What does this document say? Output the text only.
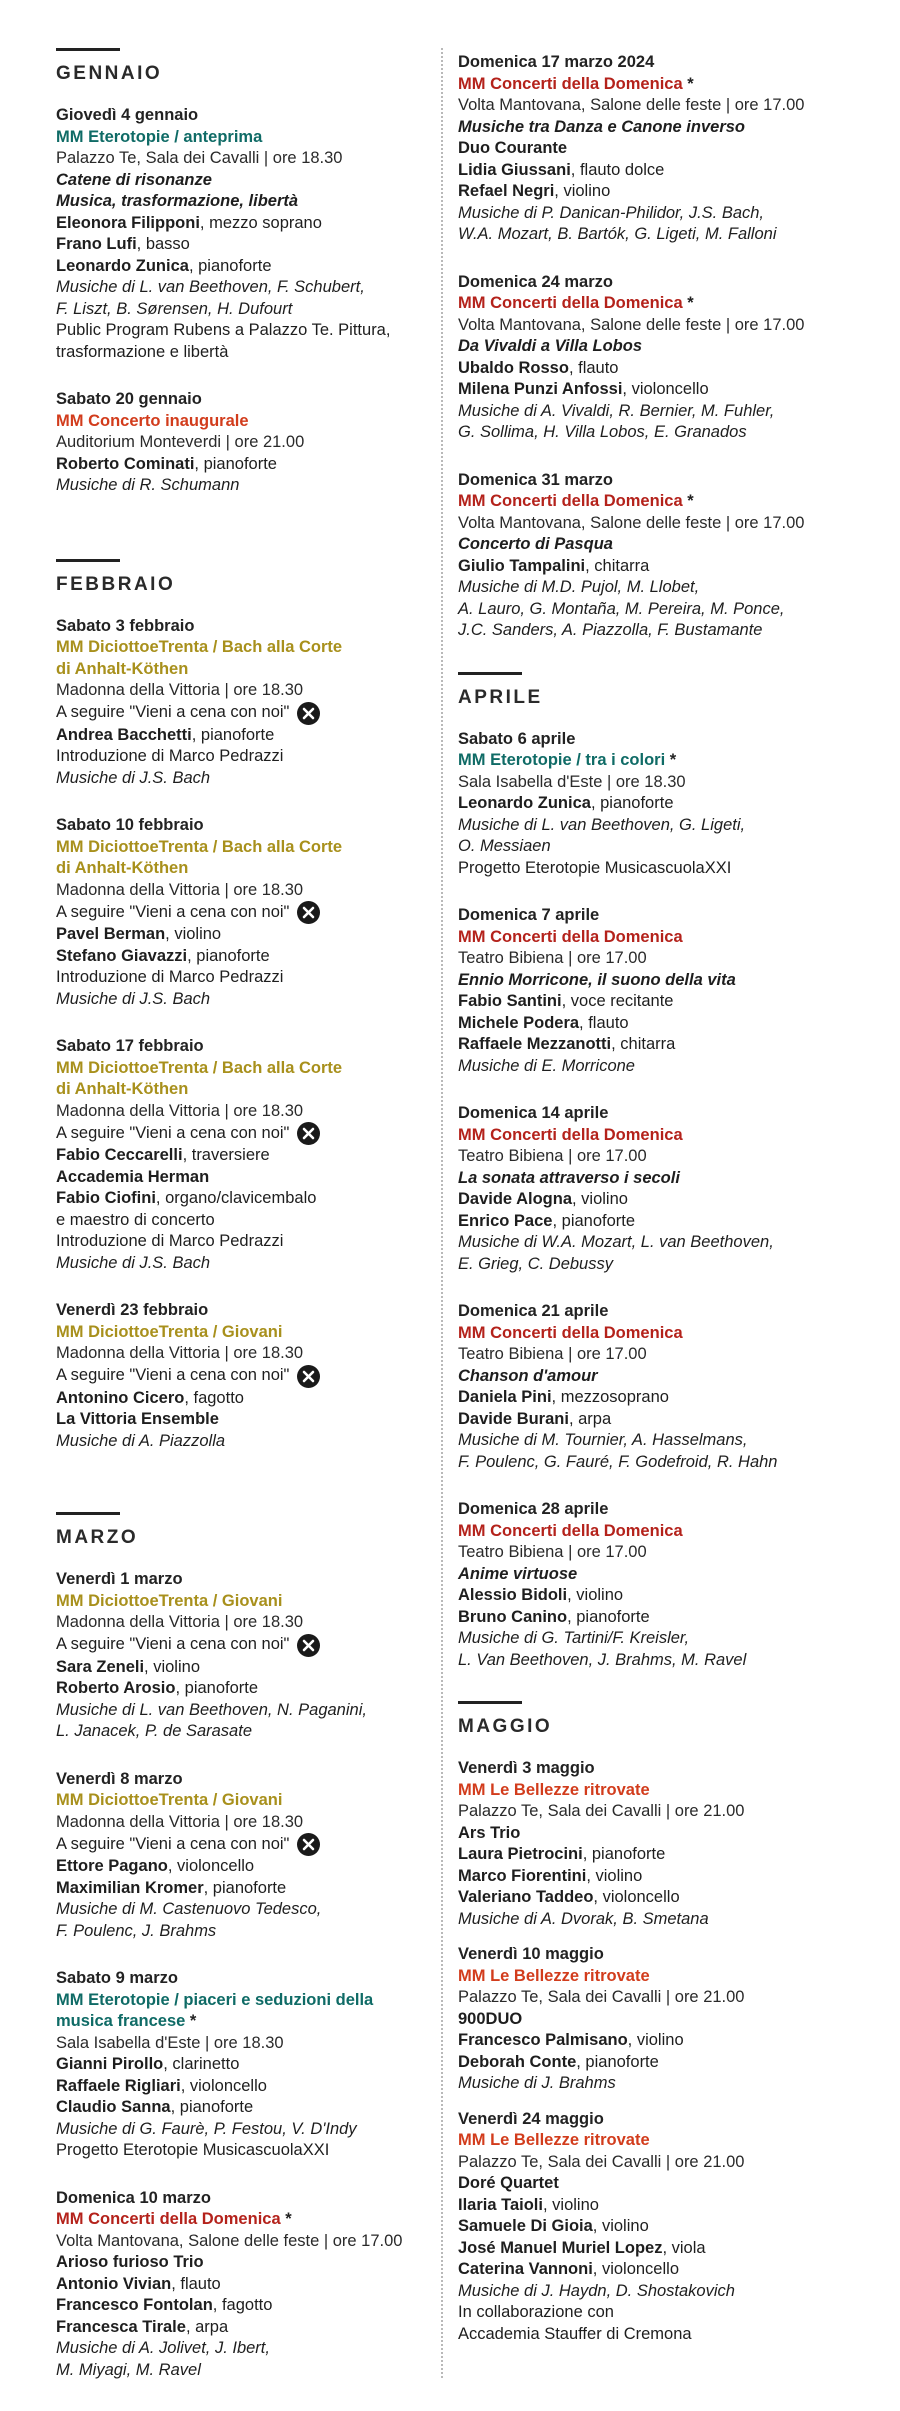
GENNAIO
Giovedì 4 gennaio
MM Eterotopie / anteprima
Palazzo Te, Sala dei Cavalli | ore 18.30
Catene di risonanze
Musica, trasformazione, libertà
Eleonora Filipponi, mezzo soprano
Frano Lufi, basso
Leonardo Zunica, pianoforte
Musiche di L. van Beethoven, F. Schubert,
F. Liszt, B. Sørensen, H. Dufourt
Public Program Rubens a Palazzo Te. Pittura,
trasformazione e libertà
Sabato 20 gennaio
MM Concerto inaugurale
Auditorium Monteverdi | ore 21.00
Roberto Cominati, pianoforte
Musiche di R. Schumann
FEBBRAIO
Sabato 3 febbraio
MM DiciottoeTrenta / Bach alla Corte
di Anhalt-Köthen
Madonna della Vittoria | ore 18.30
A seguire "Vieni a cena con noi"
Andrea Bacchetti, pianoforte
Introduzione di Marco Pedrazzi
Musiche di J.S. Bach
Sabato 10 febbraio
MM DiciottoeTrenta / Bach alla Corte
di Anhalt-Köthen
Madonna della Vittoria | ore 18.30
A seguire "Vieni a cena con noi"
Pavel Berman, violino
Stefano Giavazzi, pianoforte
Introduzione di Marco Pedrazzi
Musiche di J.S. Bach
Sabato 17 febbraio
MM DiciottoeTrenta / Bach alla Corte
di Anhalt-Köthen
Madonna della Vittoria | ore 18.30
A seguire "Vieni a cena con noi"
Fabio Ceccarelli, traversiere
Accademia Herman
Fabio Ciofini, organo/clavicembalo
e maestro di concerto
Introduzione di Marco Pedrazzi
Musiche di J.S. Bach
Venerdì 23 febbraio
MM DiciottoeTrenta / Giovani
Madonna della Vittoria | ore 18.30
A seguire "Vieni a cena con noi"
Antonino Cicero, fagotto
La Vittoria Ensemble
Musiche di A. Piazzolla
MARZO
Venerdì 1 marzo
MM DiciottoeTrenta / Giovani
Madonna della Vittoria | ore 18.30
A seguire "Vieni a cena con noi"
Sara Zeneli, violino
Roberto Arosio, pianoforte
Musiche di L. van Beethoven, N. Paganini,
L. Janacek, P. de Sarasate
Venerdì 8 marzo
MM DiciottoeTrenta / Giovani
Madonna della Vittoria | ore 18.30
A seguire "Vieni a cena con noi"
Ettore Pagano, violoncello
Maximilian Kromer, pianoforte
Musiche di M. Castenuovo Tedesco,
F. Poulenc, J. Brahms
Sabato 9 marzo
MM Eterotopie / piaceri e seduzioni della
musica francese *
Sala Isabella d'Este | ore 18.30
Gianni Pirollo, clarinetto
Raffaele Rigliari, violoncello
Claudio Sanna, pianoforte
Musiche di G. Faurè, P. Festou, V. D'Indy
Progetto Eterotopie MusicascuolaXXI
Domenica 10 marzo
MM Concerti della Domenica *
Volta Mantovana, Salone delle feste | ore 17.00
Arioso furioso Trio
Antonio Vivian, flauto
Francesco Fontolan, fagotto
Francesca Tirale, arpa
Musiche di A. Jolivet, J. Ibert,
M. Miyagi, M. Ravel
Domenica 17 marzo 2024
MM Concerti della Domenica *
Volta Mantovana, Salone delle feste | ore 17.00
Musiche tra Danza e Canone inverso
Duo Courante
Lidia Giussani, flauto dolce
Refael Negri, violino
Musiche di P. Danican-Philidor, J.S. Bach,
W.A. Mozart, B. Bartók, G. Ligeti, M. Falloni
Domenica 24 marzo
MM Concerti della Domenica *
Volta Mantovana, Salone delle feste | ore 17.00
Da Vivaldi a Villa Lobos
Ubaldo Rosso, flauto
Milena Punzi Anfossi, violoncello
Musiche di A. Vivaldi, R. Bernier, M. Fuhler,
G. Sollima, H. Villa Lobos, E. Granados
Domenica 31 marzo
MM Concerti della Domenica *
Volta Mantovana, Salone delle feste | ore 17.00
Concerto di Pasqua
Giulio Tampalini, chitarra
Musiche di M.D. Pujol, M. Llobet,
A. Lauro, G. Montaña, M. Pereira, M. Ponce,
J.C. Sanders, A. Piazzolla, F. Bustamante
APRILE
Sabato 6 aprile
MM Eterotopie / tra i colori *
Sala Isabella d'Este | ore 18.30
Leonardo Zunica, pianoforte
Musiche di L. van Beethoven, G. Ligeti,
O. Messiaen
Progetto Eterotopie MusicascuolaXXI
Domenica 7 aprile
MM Concerti della Domenica
Teatro Bibiena | ore 17.00
Ennio Morricone, il suono della vita
Fabio Santini, voce recitante
Michele Podera, flauto
Raffaele Mezzanotti, chitarra
Musiche di E. Morricone
Domenica 14 aprile
MM Concerti della Domenica
Teatro Bibiena | ore 17.00
La sonata attraverso i secoli
Davide Alogna, violino
Enrico Pace, pianoforte
Musiche di W.A. Mozart, L. van Beethoven,
E. Grieg, C. Debussy
Domenica 21 aprile
MM Concerti della Domenica
Teatro Bibiena | ore 17.00
Chanson d'amour
Daniela Pini, mezzosoprano
Davide Burani, arpa
Musiche di M. Tournier, A. Hasselmans,
F. Poulenc, G. Fauré, F. Godefroid, R. Hahn
Domenica 28 aprile
MM Concerti della Domenica
Teatro Bibiena | ore 17.00
Anime virtuose
Alessio Bidoli, violino
Bruno Canino, pianoforte
Musiche di G. Tartini/F. Kreisler,
L. Van Beethoven, J. Brahms, M. Ravel
MAGGIO
Venerdì 3 maggio
MM Le Bellezze ritrovate
Palazzo Te, Sala dei Cavalli | ore 21.00
Ars Trio
Laura Pietrocini, pianoforte
Marco Fiorentini, violino
Valeriano Taddeo, violoncello
Musiche di A. Dvorak, B. Smetana
Venerdì 10 maggio
MM Le Bellezze ritrovate
Palazzo Te, Sala dei Cavalli | ore 21.00
900DUO
Francesco Palmisano, violino
Deborah Conte, pianoforte
Musiche di J. Brahms
Venerdì 24 maggio
MM Le Bellezze ritrovate
Palazzo Te, Sala dei Cavalli | ore 21.00
Doré Quartet
Ilaria Taioli, violino
Samuele Di Gioia, violino
José Manuel Muriel Lopez, viola
Caterina Vannoni, violoncello
Musiche di J. Haydn, D. Shostakovich
In collaborazione con
Accademia Stauffer di Cremona
